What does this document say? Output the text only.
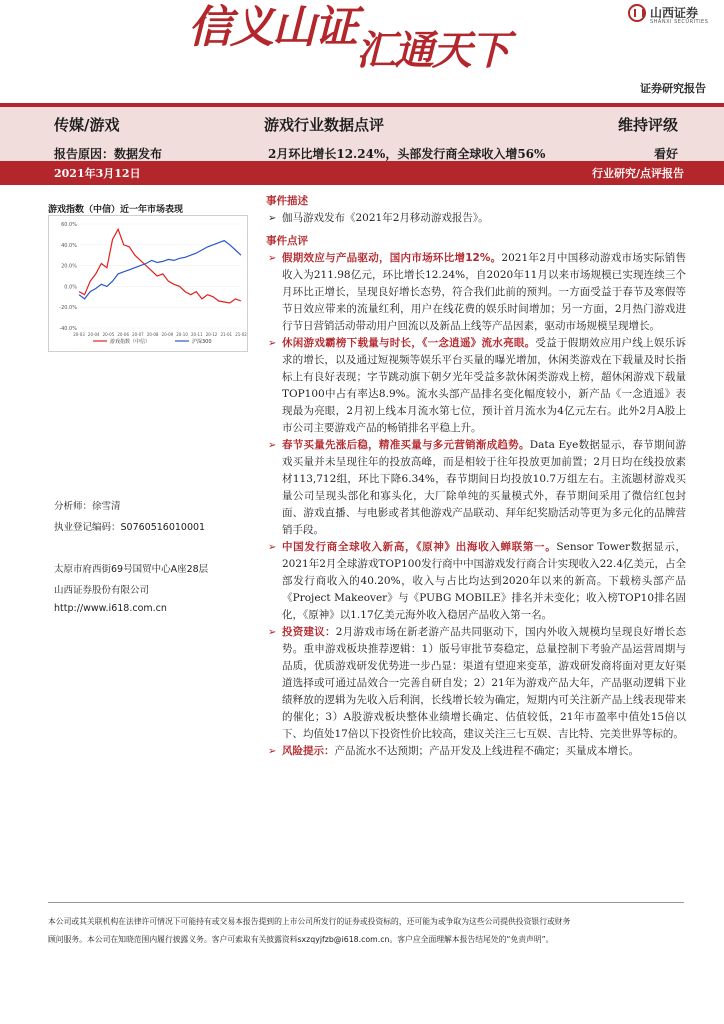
信义山证汇通天下
山西证券
SHANXI SECURITIES
证券研究报告
传媒/游戏	游戏行业数据点评	维持评级
报告原因：数据发布	2月环比增长12.24%，头部发行商全球收入增56%	看好
2021年3月12日	行业研究/点评报告
游戏指数（中信）近一年市场表现
60.0%
40.0%
20.0%
0.0%
-20.0%
-40.0%
20-03 20-04 20-05 20-06 20-07 20-08 20-09 20-10 20-11 20-12 21-01 21-02
游戏指数（中信）	沪深300
分析师：徐雪清
执业登记编码：S0760516010001
太原市府西街69号国贸中心A座28层
山西证券股份有限公司
http://www.i618.com.cn
事件描述
➢ 伽马游戏发布《2021年2月移动游戏报告》。
事件点评
➢ 假期效应与产品驱动，国内市场环比增12%。2021年2月中国移动游戏市场实际销售收入为211.98亿元，环比增长12.24%，自2020年11月以来市场规模已实现连续三个月环比正增长，呈现良好增长态势，符合我们此前的预判。一方面受益于春节及寒假等节日效应带来的流量红利，用户在线花费的娱乐时间增加；另一方面，2月热门游戏进行节日营销活动带动用户回流以及新品上线等产品因素，驱动市场规模呈现增长。
➢ 休闲游戏霸榜下载量与时长，《一念逍遥》流水亮眼。受益于假期效应用户线上娱乐诉求的增长，以及通过短视频等娱乐平台买量的曝光增加，休闲类游戏在下载量及时长指标上有良好表现；字节跳动旗下朝夕光年受益多款休闲类游戏上榜，超休闲游戏下载量TOP100中占有率达8.9%。流水头部产品排名变化幅度较小，新产品《一念逍遥》表现最为亮眼，2月初上线本月流水第七位，预计首月流水为4亿元左右。此外2月A股上市公司主要游戏产品的畅销排名平稳上升。
➢ 春节买量先涨后稳，精准买量与多元营销渐成趋势。Data Eye数据显示，春节期间游戏买量并未呈现往年的投放高峰，而是相较于往年投放更加前置；2月日均在线投放素材113,712组，环比下降6.34%，春节期间日均投放10.7万组左右。主流题材游戏买量公司呈现头部化和寡头化，大厂除单纯的买量模式外，春节期间采用了微信红包封面、游戏直播、与电影或者其他游戏产品联动、拜年纪奖励活动等更为多元化的品牌营销手段。
➢ 中国发行商全球收入新高，《原神》出海收入蝉联第一。Sensor Tower数据显示，2021年2月全球游戏TOP100发行商中中国游戏发行商合计实现收入22.4亿美元，占全部发行商收入的40.20%，收入与占比均达到2020年以来的新高。下载榜头部产品《Project Makeover》与《PUBG MOBILE》排名并未变化；收入榜TOP10排名固化，《原神》以1.17亿美元海外收入稳居产品收入第一名。
➢ 投资建议：2月游戏市场在新老游产品共同驱动下，国内外收入规模均呈现良好增长态势。重申游戏板块推荐逻辑：1）版号审批节奏稳定，总量控制下考验产品运营周期与品质，优质游戏研发优势进一步凸显：渠道有望迎来变革，游戏研发商将面对更友好渠道选择或可通过品效合一完善自研自发；2）21年为游戏产品大年，产品驱动逻辑下业绩释放的逻辑为先收入后利润，长线增长较为确定，短期内可关注新产品上线表现带来的催化；3）A股游戏板块整体业绩增长确定、估值较低，21年市盈率中值处15倍以下、均值处17倍以下投资性价比较高，建议关注三七互娱、吉比特、完美世界等标的。
➢ 风险提示：产品流水不达预期；产品开发及上线进程不确定；买量成本增长。
本公司或其关联机构在法律许可情况下可能持有或交易本报告提到的上市公司所发行的证券或投资标的，还可能为或争取为这些公司提供投资银行或财务
顾问服务。本公司在知晓范围内履行披露义务。客户可索取有关披露资料sxzqyjfzb@i618.com.cn。客户应全面理解本报告结尾处的“免责声明”。
